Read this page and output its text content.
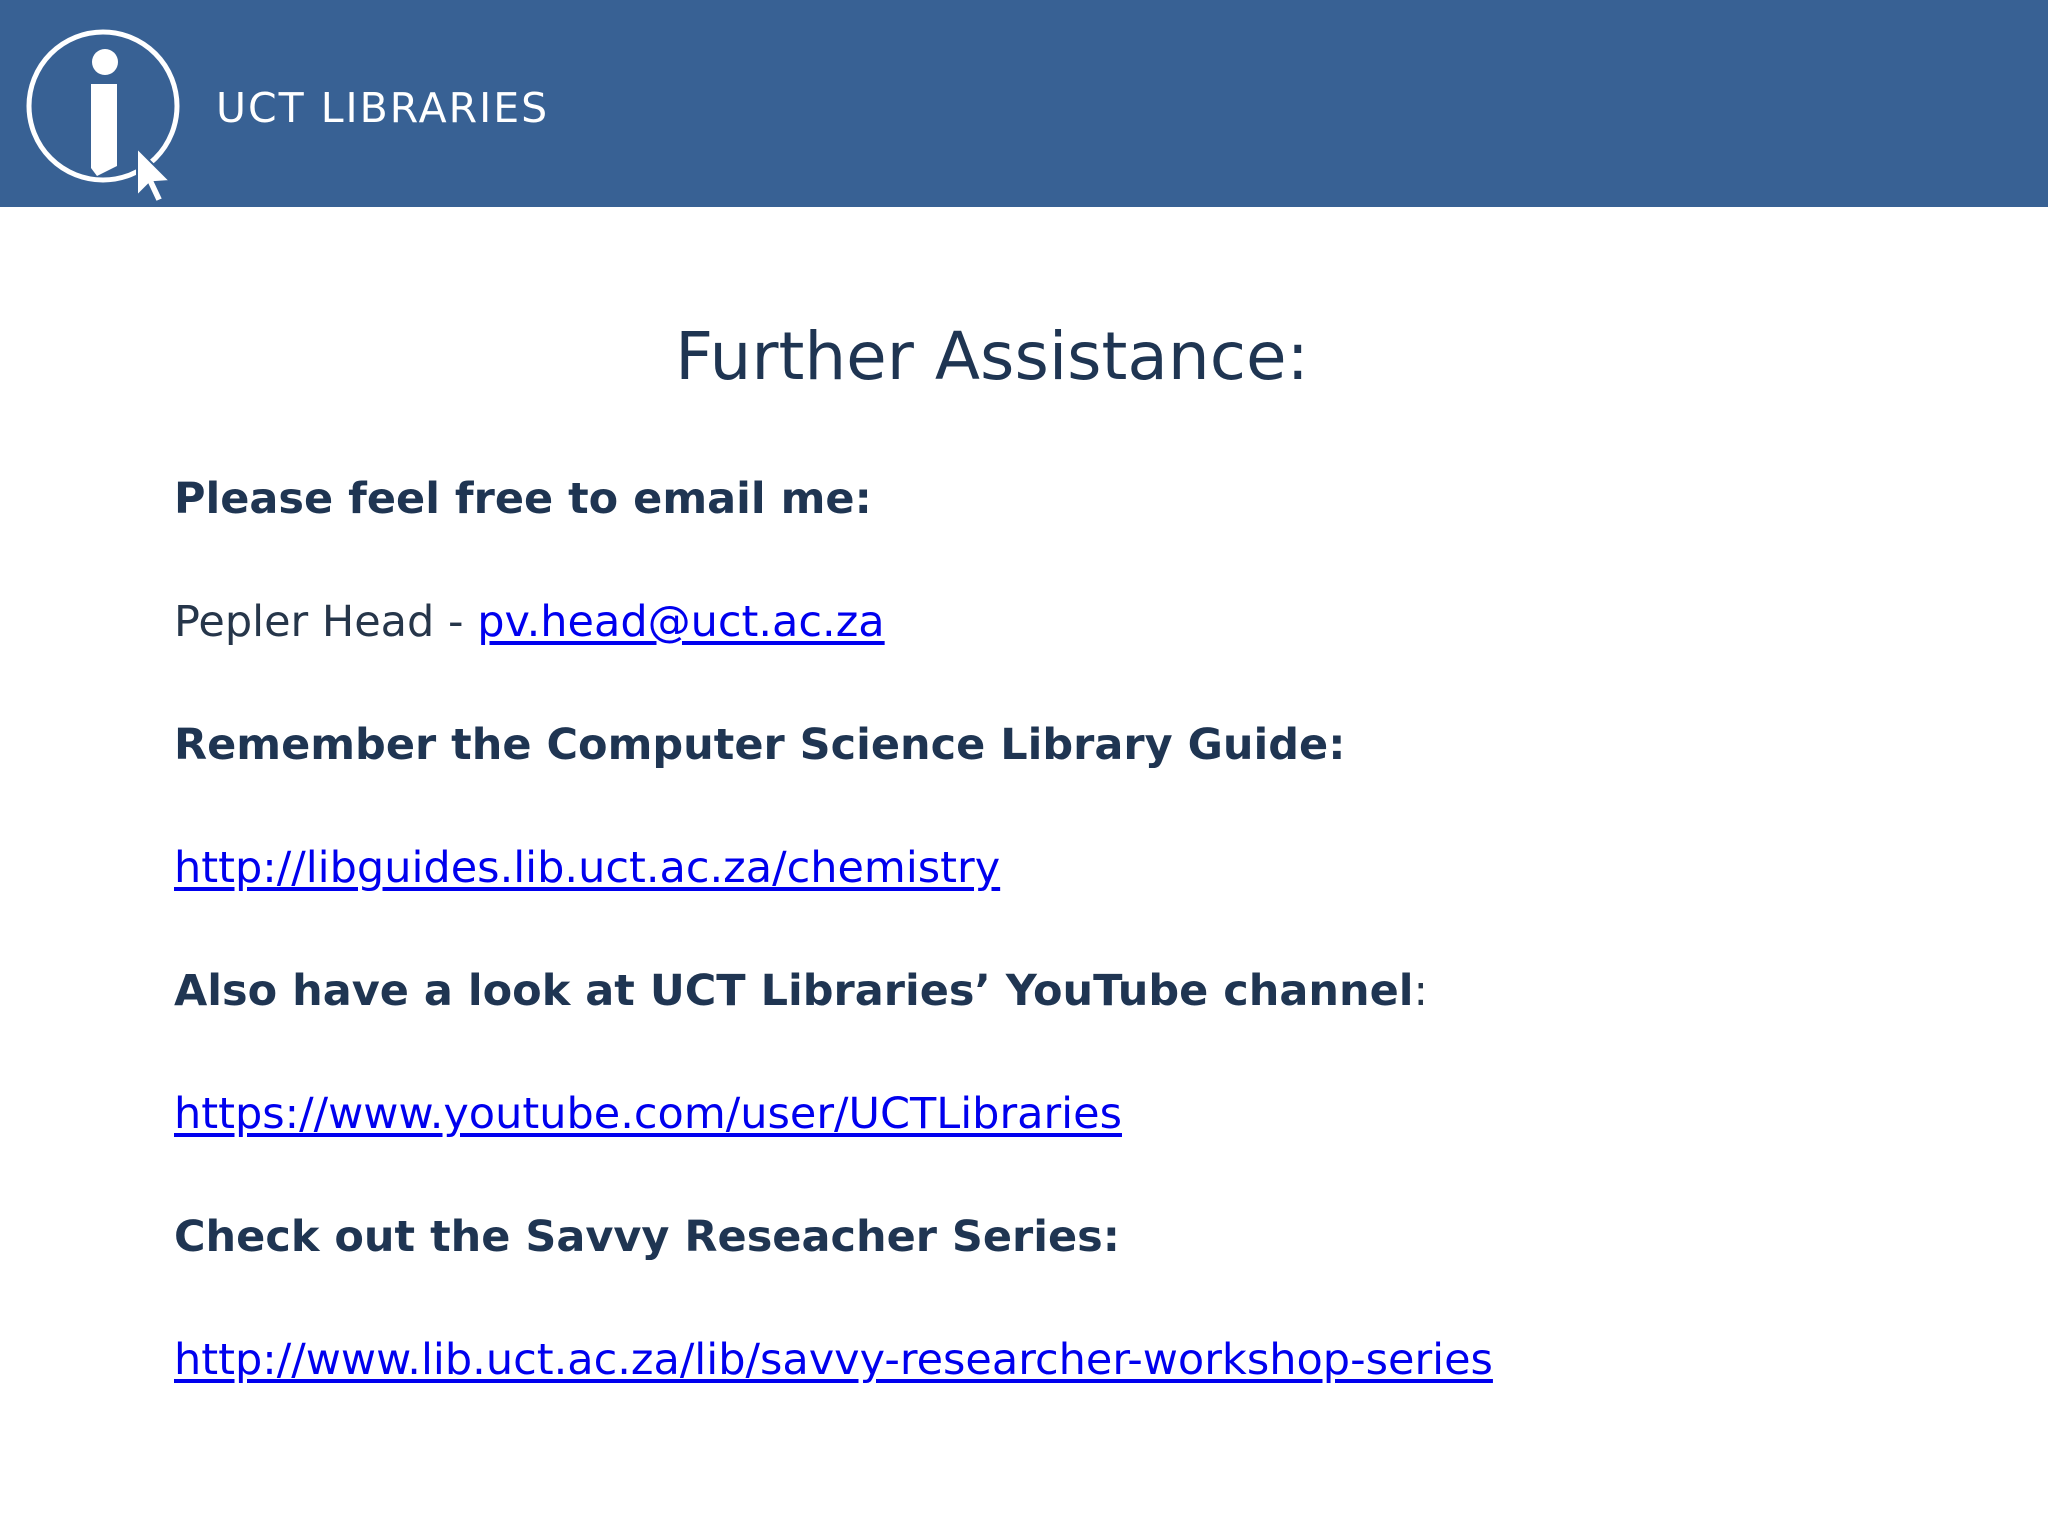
UCT LIBRARIES
Further Assistance:
Please feel free to email me:
Pepler Head - pv.head@uct.ac.za
Remember the Computer Science Library Guide:
http://libguides.lib.uct.ac.za/chemistry
Also have a look at UCT Libraries’ YouTube channel:
https://www.youtube.com/user/UCTLibraries
Check out the Savvy Reseacher Series:
http://www.lib.uct.ac.za/lib/savvy-researcher-workshop-series
